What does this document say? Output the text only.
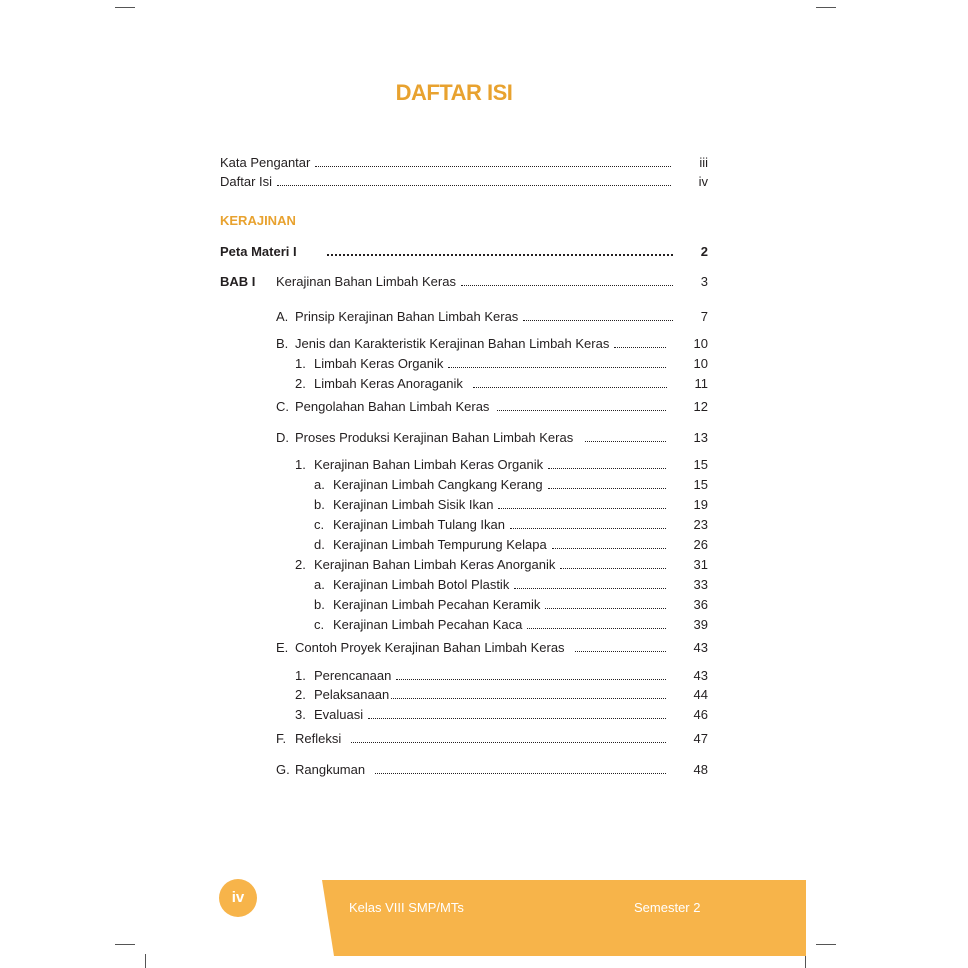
DAFTAR ISI
Kata Pengantar	iii
Daftar Isi	iv
KERAJINAN
Peta Materi I	2
BAB I Kerajinan Bahan Limbah Keras	3
A. Prinsip Kerajinan Bahan Limbah Keras	7
B. Jenis dan Karakteristik Kerajinan Bahan Limbah Keras	10
1. Limbah Keras Organik	10
2. Limbah Keras Anoraganik	11
C. Pengolahan Bahan Limbah Keras	12
D. Proses Produksi Kerajinan Bahan Limbah Keras	13
1. Kerajinan Bahan Limbah Keras Organik	15
a. Kerajinan Limbah Cangkang Kerang	15
b. Kerajinan Limbah Sisik Ikan	19
c. Kerajinan Limbah Tulang Ikan	23
d. Kerajinan Limbah Tempurung Kelapa	26
2. Kerajinan Bahan Limbah Keras Anorganik	31
a. Kerajinan Limbah Botol Plastik	33
b. Kerajinan Limbah Pecahan Keramik	36
c. Kerajinan Limbah Pecahan Kaca	39
E. Contoh Proyek Kerajinan Bahan Limbah Keras	43
1. Perencanaan	43
2. Pelaksanaan	44
3. Evaluasi	46
F. Refleksi	47
G. Rangkuman	48
iv
Kelas VIII SMP/MTs	Semester 2
